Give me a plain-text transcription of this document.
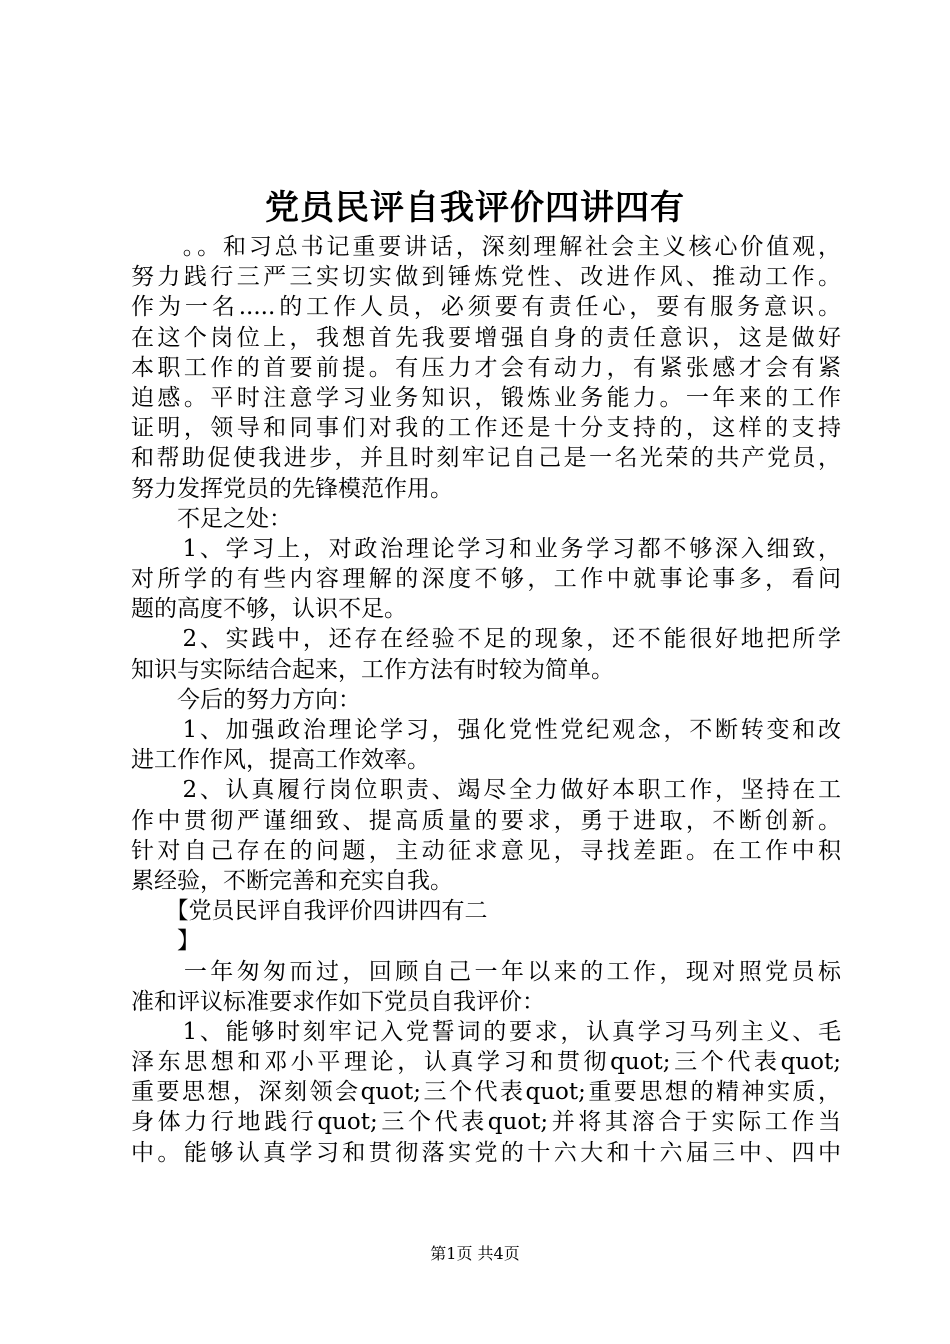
党员民评自我评价四讲四有
　　。。和习总书记重要讲话，深刻理解社会主义核心价值观，
努力践行三严三实切实做到锤炼党性、改进作风、推动工作。
作为一名.....的工作人员，必须要有责任心，要有服务意识。
在这个岗位上，我想首先我要增强自身的责任意识，这是做好
本职工作的首要前提。有压力才会有动力，有紧张感才会有紧
迫感。平时注意学习业务知识，锻炼业务能力。一年来的工作
证明，领导和同事们对我的工作还是十分支持的，这样的支持
和帮助促使我进步，并且时刻牢记自己是一名光荣的共产党员，
努力发挥党员的先锋模范作用。
　　不足之处：
　　1、学习上，对政治理论学习和业务学习都不够深入细致，
对所学的有些内容理解的深度不够，工作中就事论事多，看问
题的高度不够，认识不足。
　　2、实践中，还存在经验不足的现象，还不能很好地把所学
知识与实际结合起来，工作方法有时较为简单。
　　今后的努力方向：
　　1、加强政治理论学习，强化党性党纪观念，不断转变和改
进工作作风，提高工作效率。
　　2、认真履行岗位职责、竭尽全力做好本职工作，坚持在工
作中贯彻严谨细致、提高质量的要求，勇于进取，不断创新。
针对自己存在的问题，主动征求意见，寻找差距。在工作中积
累经验，不断完善和充实自我。
　　【党员民评自我评价四讲四有二
　　】
　　一年匆匆而过，回顾自己一年以来的工作，现对照党员标
准和评议标准要求作如下党员自我评价：
　　1、能够时刻牢记入党誓词的要求，认真学习马列主义、毛
泽东思想和邓小平理论，认真学习和贯彻quot;三个代表quot;
重要思想，深刻领会quot;三个代表quot;重要思想的精神实质，
身体力行地践行quot;三个代表quot;并将其溶合于实际工作当
中。能够认真学习和贯彻落实党的十六大和十六届三中、四中
第1页 共4页
